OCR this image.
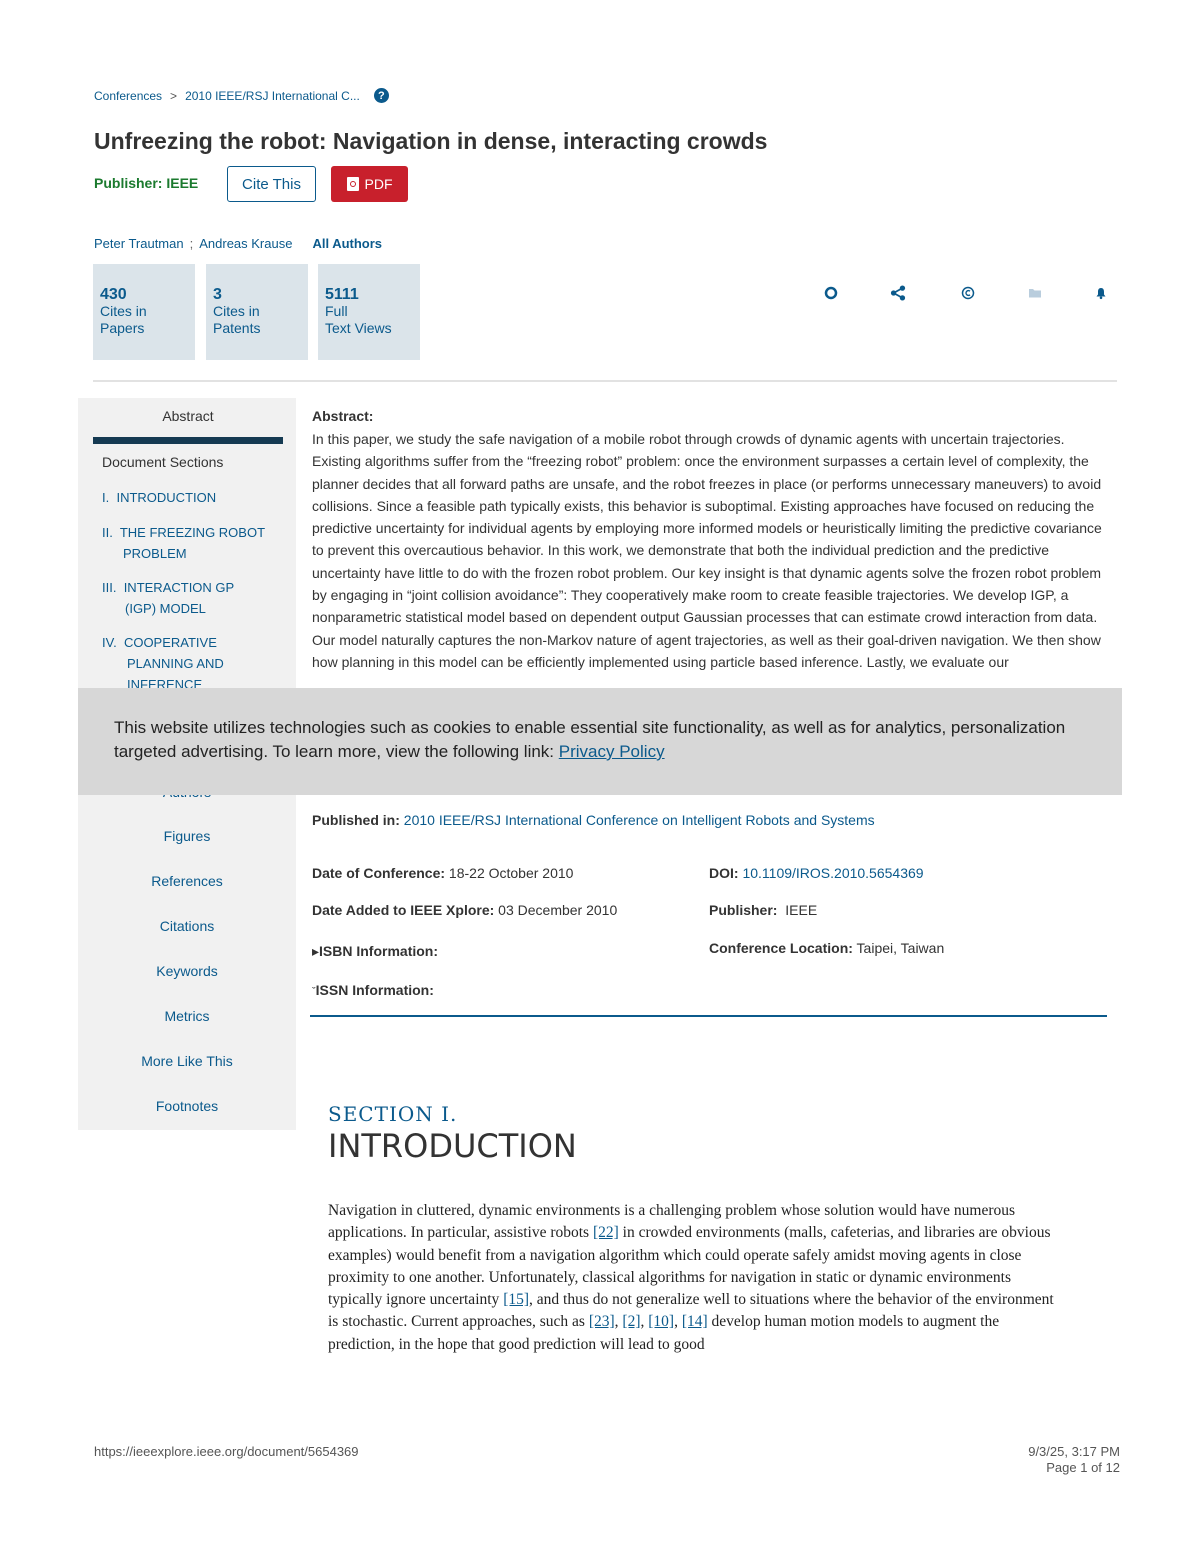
Conferences > 2010 IEEE/RSJ International C...	?
Unfreezing the robot: Navigation in dense, interacting crowds
Publisher: IEEE	Cite This	PDF
Peter Trautman ; Andreas Krause All Authors
430
Cites in
Papers
3
Cites in
Patents
5111
Full
Text Views
Abstract
Document Sections
I. INTRODUCTION
II. THE FREEZING ROBOT
PROBLEM
III. INTERACTION GP
(IGP) MODEL
IV. COOPERATIVE
PLANNING AND
INFERENCE
Figures
References
Citations
Keywords
Metrics
More Like This
Footnotes
Abstract:
In this paper, we study the safe navigation of a mobile robot through crowds of dynamic agents with uncertain trajectories. Existing algorithms suffer from the “freezing robot” problem: once the environment surpasses a certain level of complexity, the planner decides that all forward paths are unsafe, and the robot freezes in place (or performs unnecessary maneuvers) to avoid collisions. Since a feasible path typically exists, this behavior is suboptimal. Existing approaches have focused on reducing the predictive uncertainty for individual agents by employing more informed models or heuristically limiting the predictive covariance to prevent this overcautious behavior. In this work, we demonstrate that both the individual prediction and the predictive uncertainty have little to do with the frozen robot problem. Our key insight is that dynamic agents solve the frozen robot problem by engaging in “joint collision avoidance”: They cooperatively make room to create feasible trajectories. We develop IGP, a nonparametric statistical model based on dependent output Gaussian processes that can estimate crowd interaction from data. Our model naturally captures the non-Markov nature of agent trajectories, as well as their goal-driven navigation. We then show how planning in this model can be efficiently implemented using particle based inference. Lastly, we evaluate our
This website utilizes technologies such as cookies to enable essential site functionality, as well as for analytics, personalization
targeted advertising. To learn more, view the following link: Privacy Policy
Published in: 2010 IEEE/RSJ International Conference on Intelligent Robots and Systems
Date of Conference: 18-22 October 2010
Date Added to IEEE Xplore: 03 December 2010
▸ISBN Information:
ˇISSN Information:
DOI: 10.1109/IROS.2010.5654369
Publisher: IEEE
Conference Location: Taipei, Taiwan
SECTION I.
INTRODUCTION
Navigation in cluttered, dynamic environments is a challenging problem whose solution would have numerous applications. In particular, assistive robots [22] in crowded environments (malls, cafeterias, and libraries are obvious examples) would benefit from a navigation algorithm which could operate safely amidst moving agents in close proximity to one another. Unfortunately, classical algorithms for navigation in static or dynamic environments typically ignore uncertainty [15], and thus do not generalize well to situations where the behavior of the environment is stochastic. Current approaches, such as [23], [2], [10], [14] develop human motion models to augment the prediction, in the hope that good prediction will lead to good
https://ieeexplore.ieee.org/document/5654369	9/3/25, 3:17 PM
Page 1 of 12
